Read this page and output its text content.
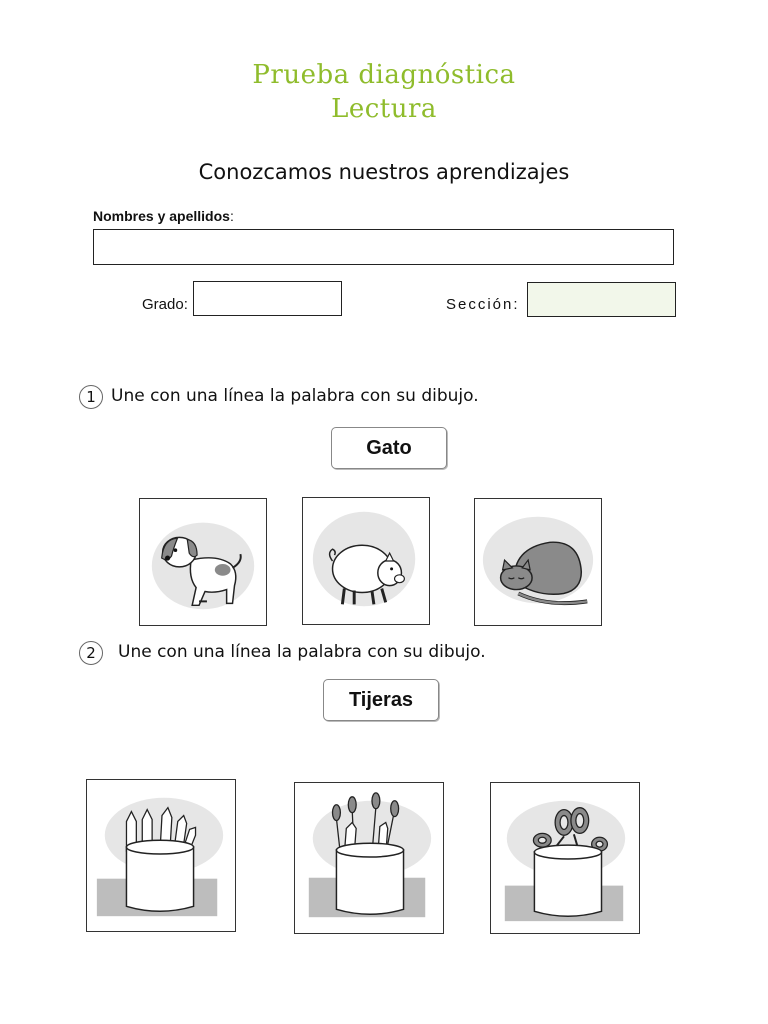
Prueba diagnóstica
Lectura
Conozcamos nuestros aprendizajes
Nombres y apellidos:
Grado:	Sección:
1 Une con una línea la palabra con su dibujo.
Gato
2	Une con una línea la palabra con su dibujo.
Tijeras
